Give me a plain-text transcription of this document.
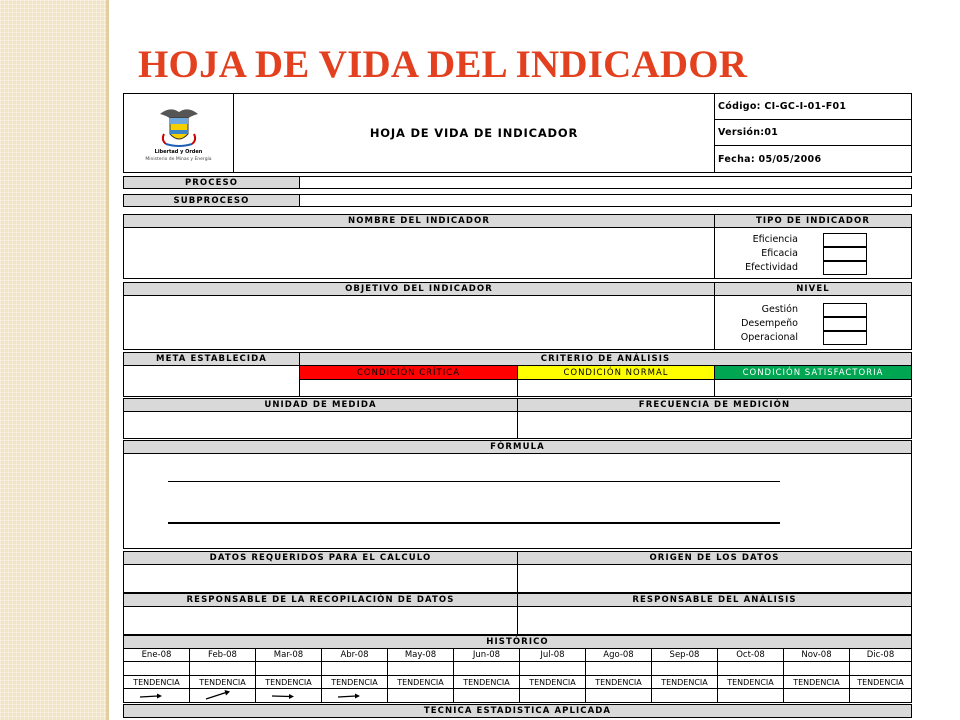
HOJA DE VIDA DEL INDICADOR
Libertad y Orden
Ministerio de Minas y Energía
HOJA DE VIDA DE INDICADOR
Código: CI-GC-I-01-F01
Versión:01
Fecha: 05/05/2006
PROCESO
SUBPROCESO
NOMBRE DEL INDICADOR	TIPO DE INDICADOR
Eficiencia
Eficacia
Efectividad
OBJETIVO DEL INDICADOR	NIVEL
Gestión
Desempeño
Operacional
META ESTABLECIDA	CRITERIO DE ANÁLISIS
CONDICIÓN CRÍTICA	CONDICIÓN NORMAL	CONDICIÓN SATISFACTORIA
UNIDAD DE MEDIDA	FRECUENCIA DE MEDICIÓN
FÓRMULA
DATOS REQUERIDOS PARA EL CALCULO	ORIGEN DE LOS DATOS
RESPONSABLE DE LA RECOPILACIÓN DE DATOS	RESPONSABLE DEL ANÁLISIS
HISTÓRICO
Ene-08	Feb-08	Mar-08	Abr-08	May-08	Jun-08	Jul-08	Ago-08	Sep-08	Oct-08	Nov-08	Dic-08
TENDENCIA	TENDENCIA	TENDENCIA	TENDENCIA	TENDENCIA	TENDENCIA	TENDENCIA	TENDENCIA	TENDENCIA	TENDENCIA	TENDENCIA	TENDENCIA
TECNICA ESTADISTICA APLICADA
